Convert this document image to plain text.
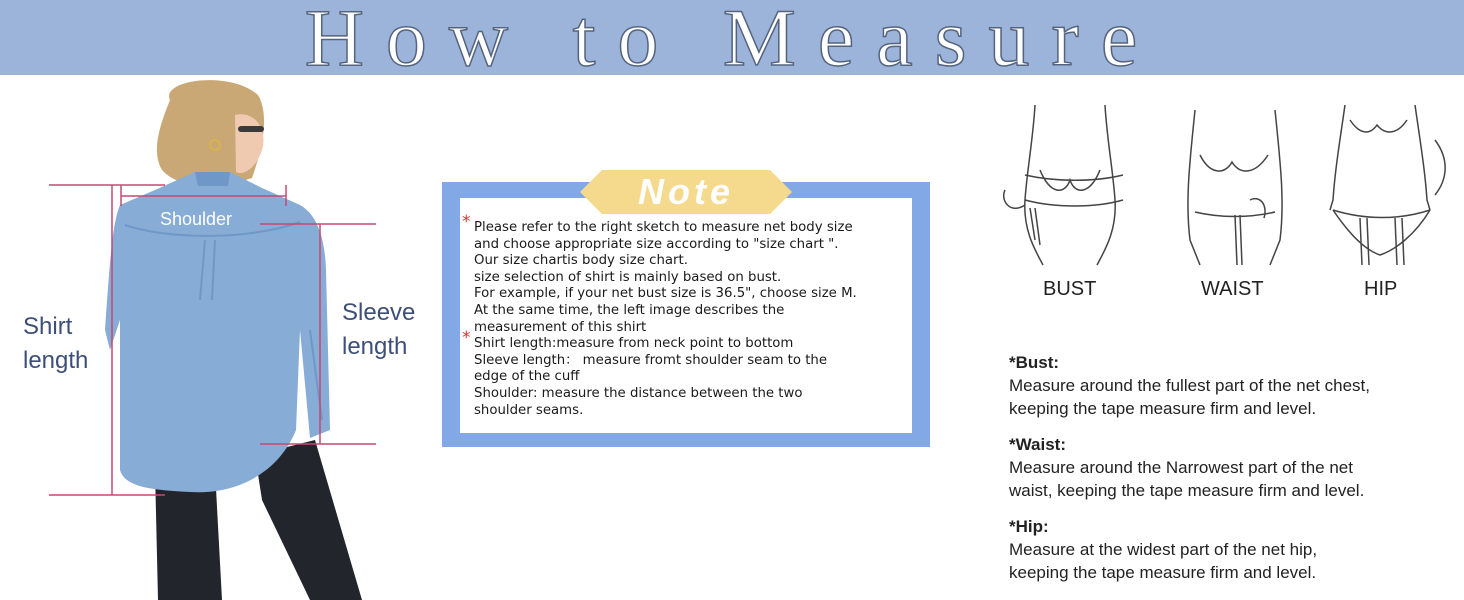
How to Measure
Shoulder
Shirt
length
Sleeve
length
Note
* Please refer to the right sketch to measure net body size
and choose appropriate size according to "size chart ".
Our size chartis body size chart.
size selection of shirt is mainly based on bust.
For example, if your net bust size is 36.5", choose size M.
At the same time, the left image describes the
measurement of this shirt
* Shirt length:measure from neck point to bottom
Sleeve length： measure fromt shoulder seam to the
edge of the cuff
Shoulder: measure the distance between the two
shoulder seams.
BUST	WAIST	HIP
*Bust:
Measure around the fullest part of the net chest,
keeping the tape measure firm and level.
*Waist:
Measure around the Narrowest part of the net
waist, keeping the tape measure firm and level.
*Hip:
Measure at the widest part of the net hip,
keeping the tape measure firm and level.
